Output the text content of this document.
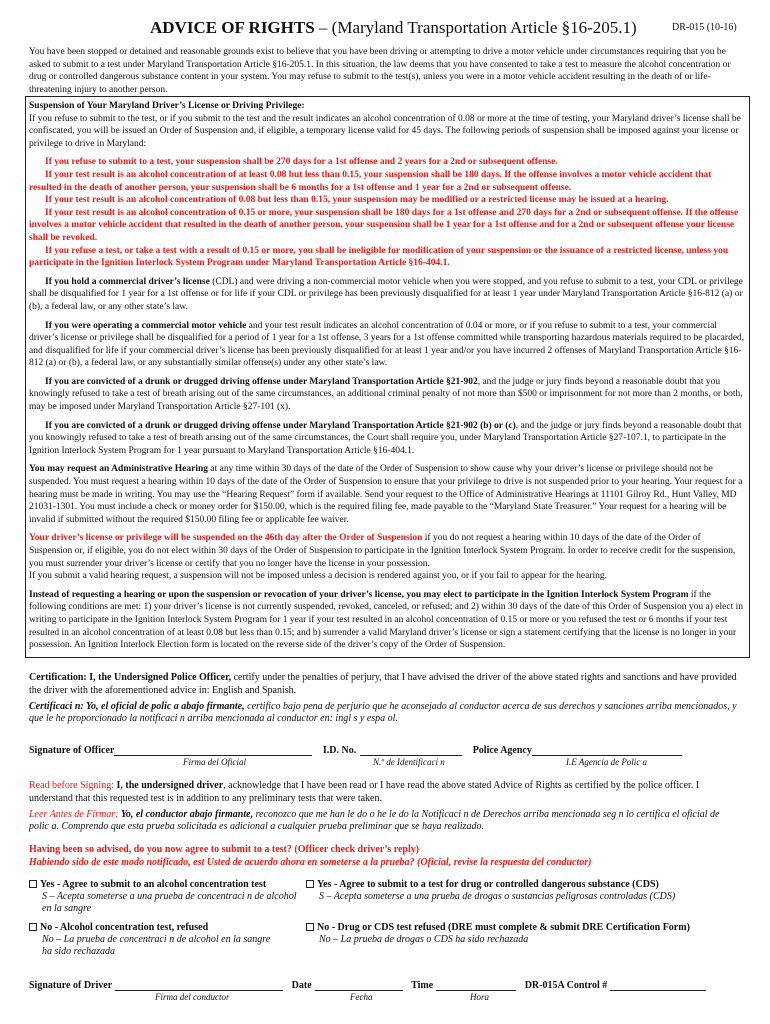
ADVICE OF RIGHTS – (Maryland Transportation Article §16-205.1)	DR-015 (10-16)
You have been stopped or detained and reasonable grounds exist to believe that you have been driving or attempting to drive a motor vehicle under circumstances requiring that you be asked to submit to a test under Maryland Transportation Article §16-205.1. In this situation, the law deems that you have consented to take a test to measure the alcohol concentration or drug or controlled dangerous substance content in your system. You may refuse to submit to the test(s), unless you were in a motor vehicle accident resulting in the death of or life-threatening injury to another person.
Suspension of Your Maryland Driver’s License or Driving Privilege:
If you refuse to submit to the test, or if you submit to the test and the result indicates an alcohol concentration of 0.08 or more at the time of testing, your Maryland driver’s license shall be confiscated, you will be issued an Order of Suspension and, if eligible, a temporary license valid for 45 days. The following periods of suspension shall be imposed against your license or privilege to drive in Maryland:
If you refuse to submit to a test, your suspension shall be 270 days for a 1st offense and 2 years for a 2nd or subsequent offense.
If your test result is an alcohol concentration of at least 0.08 but less than 0.15, your suspension shall be 180 days. If the offense involves a motor vehicle accident that resulted in the death of another person, your suspension shall be 6 months for a 1st offense and 1 year for a 2nd or subsequent offense.
If your test result is an alcohol concentration of 0.08 but less than 0.15, your suspension may be modified or a restricted license may be issued at a hearing.
If your test result is an alcohol concentration of 0.15 or more, your suspension shall be 180 days for a 1st offense and 270 days for a 2nd or subsequent offense. If the offense involves a motor vehicle accident that resulted in the death of another person, your suspension shall be 1 year for a 1st offense and for a 2nd or subsequent offense your license shall be revoked.
If you refuse a test, or take a test with a result of 0.15 or more, you shall be ineligible for modification of your suspension or the issuance of a restricted license, unless you participate in the Ignition Interlock System Program under Maryland Transportation Article §16-404.1.
If you hold a commercial driver’s license (CDL) and were driving a non-commercial motor vehicle when you were stopped, and you refuse to submit to a test, your CDL or privilege shall be disqualified for 1 year for a 1st offense or for life if your CDL or privilege has been previously disqualified for at least 1 year under Maryland Transportation Article §16-812 (a) or (b), a federal law, or any other state’s law.
If you were operating a commercial motor vehicle and your test result indicates an alcohol concentration of 0.04 or more, or if you refuse to submit to a test, your commercial driver’s license or privilege shall be disqualified for a period of 1 year for a 1st offense, 3 years for a 1st offense committed while transporting hazardous materials required to be placarded, and disqualified for life if your commercial driver’s license has been previously disqualified for at least 1 year and/or you have incurred 2 offenses of Maryland Transportation Article §16-812 (a) or (b), a federal law, or any substantially similar offense(s) under any other state’s law.
If you are convicted of a drunk or drugged driving offense under Maryland Transportation Article §21-902, and the judge or jury finds beyond a reasonable doubt that you knowingly refused to take a test of breath arising out of the same circumstances, an additional criminal penalty of not more than $500 or imprisonment for not more than 2 months, or both, may be imposed under Maryland Transportation Article §27-101 (x).
If you are convicted of a drunk or drugged driving offense under Maryland Transportation Article §21-902 (b) or (c), and the judge or jury finds beyond a reasonable doubt that you knowingly refused to take a test of breath arising out of the same circumstances, the Court shall require you, under Maryland Transportation Article §27-107.1, to participate in the Ignition Interlock System Program for 1 year pursuant to Maryland Transportation Article §16-404.1.
You may request an Administrative Hearing at any time within 30 days of the date of the Order of Suspension to show cause why your driver’s license or privilege should not be suspended. You must request a hearing within 10 days of the date of the Order of Suspension to ensure that your privilege to drive is not suspended prior to your hearing. Your request for a hearing must be made in writing. You may use the “Hearing Request” form if available. Send your request to the Office of Administrative Hearings at 11101 Gilroy Rd., Hunt Valley, MD 21031-1301. You must include a check or money order for $150.00, which is the required filing fee, made payable to the “Maryland State Treasurer.” Your request for a hearing will be invalid if submitted without the required $150.00 filing fee or applicable fee waiver.
Your driver’s license or privilege will be suspended on the 46th day after the Order of Suspension if you do not request a hearing within 10 days of the date of the Order of Suspension or, if eligible, you do not elect within 30 days of the Order of Suspension to participate in the Ignition Interlock System Program. In order to receive credit for the suspension, you must surrender your driver’s license or certify that you no longer have the license in your possession.
If you submit a valid hearing request, a suspension will not be imposed unless a decision is rendered against you, or if you fail to appear for the hearing.
Instead of requesting a hearing or upon the suspension or revocation of your driver’s license, you may elect to participate in the Ignition Interlock System Program if the following conditions are met: 1) your driver’s license is not currently suspended, revoked, canceled, or refused; and 2) within 30 days of the date of this Order of Suspension you a) elect in writing to participate in the Ignition Interlock System Program for 1 year if your test resulted in an alcohol concentration of 0.15 or more or you refused the test or 6 months if your test resulted in an alcohol concentration of at least 0.08 but less than 0.15; and b) surrender a valid Maryland driver’s license or sign a statement certifying that the license is no longer in your possession. An Ignition Interlock Election form is located on the reverse side of the driver’s copy of the Order of Suspension.
Certification: I, the Undersigned Police Officer, certify under the penalties of perjury, that I have advised the driver of the above stated rights and sanctions and have provided the driver with the aforementioned advice in: English and Spanish.
Certificaci n: Yo, el oficial de polic a abajo firmante, certifico bajo pena de perjurio que he aconsejado al conductor acerca de sus derechos y sanciones arriba mencionados, y que le he proporcionado la notificaci n arriba mencionada al conductor en: ingl s y espa ol.
Signature of Officer	I.D. No.	Police Agency
Firma del Oficial	N.º de Identificaci n	I.E Agencia de Polic a
Read before Signing: I, the undersigned driver, acknowledge that I have been read or I have read the above stated Advice of Rights as certified by the police officer. I understand that this requested test is in addition to any preliminary tests that were taken.
Leer Antes de Firmar: Yo, el conductor abajo firmante, reconozco que me han le do o he le do la Notificaci n de Derechos arriba mencionada seg n lo certifica el oficial de polic a. Comprendo que esta prueba solicitada es adicional a cualquier prueba preliminar que se haya realizado.
Having been so advised, do you now agree to submit to a test? (Officer check driver’s reply)
Habiendo sido de este modo notificado, est Usted de acuerdo ahora en someterse a la prueba? (Oficial, revise la respuesta del conductor)
Yes - Agree to submit to an alcohol concentration test
S – Acepta someterse a una prueba de concentraci n de alcohol en la sangre
Yes - Agree to submit to a test for drug or controlled dangerous substance (CDS)
S – Acepta someterse a una prueba de drogas o sustancias peligrosas controladas (CDS)
No - Alcohol concentration test, refused
No – La prueba de concentraci n de alcohol en la sangre ha sido rechazada
No - Drug or CDS test refused (DRE must complete & submit DRE Certification Form)
No – La prueba de drogas o CDS ha sido rechazada
Signature of Driver	Date	Time	DR-015A Control #
Firma del conductor	Fecha	Hora
